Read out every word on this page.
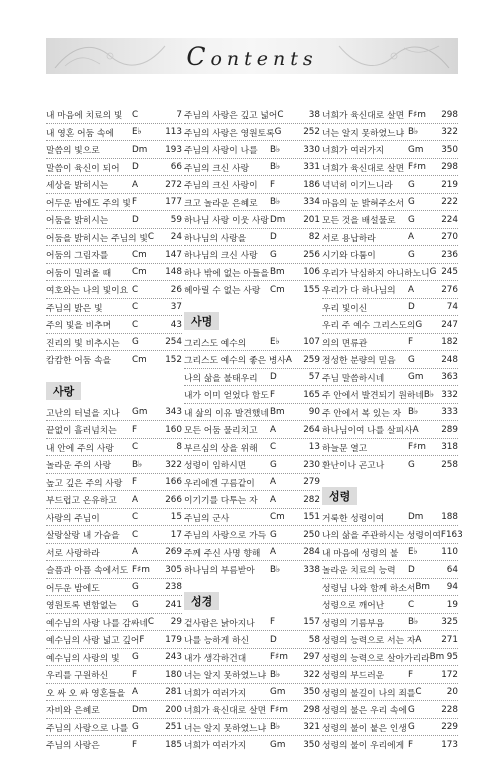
Contents
내 마음에 치료의 빛	C	7
내 영혼 어둠 속에	E♭	113
말씀의 빛으로	Dm	193
말씀이 육신이 되어	D	66
세상을 밝히시는	A	272
어두운 밤에도 주의 빛 F	177
어둠을 밝히시는	D	59
어둠을 밝히시는 주님의 빛 C	24
어둠의 그림자를	Cm	147
어둠이 밀려올 때	Cm	148
여호와는 나의 빛이요 C	26
주님의 밝은 빛	C	37
주의 빛을 비추며	C	43
진리의 빛 비추시는	G	254
캄캄한 어둠 속을	Cm	152
사랑
고난의 터널을 지나	Gm	343
끝없이 흘러넘치는	F	160
내 안에 주의 사랑	C	8
놀라운 주의 사랑	B♭	322
높고 깊은 주의 사랑	F	166
부드럽고 온유하고	A	266
사랑의 주님이	C	15
살랑살랑 내 가슴을	C	17
서로 사랑하라	A	269
슬픔과 아픔 속에서도 F♯m	305
어두운 밤에도	G	238
영원토록 변함없는	G	241
예수님의 사랑 나를 감싸네 C	29
예수님의 사랑 넓고 깊어 F	179
예수님의 사랑의 빛	G	243
우리를 구원하신	F	180
오 싸 오 싸 영혼들을 A	281
자비와 은혜로	Dm	200
주님의 사랑으로 나를 G	251
주님의 사랑은	F	185
주님의 사랑은 깊고 넓어 C	38
주님의 사랑은 영원토록 G	252
주님의 사랑이 나를	B♭	330
주님의 크신 사랑	B♭	331
주님의 크신 사랑이	F	186
크고 놀라운 은혜로	B♭	334
하나님 사랑 이웃 사랑 Dm	201
하나님의 사랑을	D	82
하나님의 크신 사랑	G	256
하나 밖에 없는 아들을 Bm	106
헤아릴 수 없는 사랑	Cm	155
사명
그리스도 예수의	E♭	107
그리스도 예수의 좋은 병사 A	259
나의 삶을 불태우리	D	57
내가 이미 얻었다 함도 F	165
내 삶의 이유 발견했네 Bm	90
모든 어둠 물리치고	A	264
부르심의 상을 위해	C	13
성령이 임하시면	G	230
우리에겐 구름같이	A	279
이기기를 다투는 자	A	282
주님의 군사	Cm	151
주님의 사랑으로 가득 G	250
주께 주신 사명 향해	A	284
하나님의 부름받아	B♭	338
성경
겉사람은 낡아지나	F	157
나를 능하게 하신	D	58
내가 생각하건대	F♯m	297
너는 알지 못하였느냐 B♭	322
너희가 여러가지	Gm	350
너희가 육신대로 살면 F♯m	298
너는 알지 못하였느냐 B♭	321
너희가 여러가지	Gm	350
너희가 육신대로 살면 F♯m	298
너는 알지 못하였느냐 B♭	322
너희가 여러가지	Gm	350
너희가 육신대로 살면 F♯m	298
넉넉히 이기느니라	G	219
마음의 눈 밝혀주소서 G	222
모든 것을 배설물로	G	224
서로 용납하라	A	270
시기와 다툼이	G	236
우리가 낙심하지 아니하노니 G 245
우리가 다 하나님의	A	276
우리 빛이신	D	74
우리 주 예수 그리스도의 G	247
의의 면류관	F	182
정성한 분량의 믿음	G	248
주님 말씀하시네	Gm	363
주 안에서 발견되기 원하네 B♭ 332
주 안에서 복 있는 자 B♭	333
하나님이여 나를 살피사 A	289
하늘문 열고	F♯m	318
환난이나 곤고나	G	258
성령
거룩한 성령이여	Dm	188
나의 삶을 주관하시는 성령이여 F 163
내 마음에 성령의 불	E♭	110
놀라운 치료의 능력	D	64
성령님 나와 함께 하소서 Bm	94
성령으로 깨어난	C	19
성령의 기름부음	B♭	325
성령의 능력으로 서는 자 A	271
성령의 능력으로 살아가리라 Bm 95
성령의 부드러운	F	172
성령의 불길이 나의 죄를 C	20
성령의 불은 우리 속에 G	228
성령의 불이 붙은 인생 G	229
성령의 불이 우리에게 F	173
